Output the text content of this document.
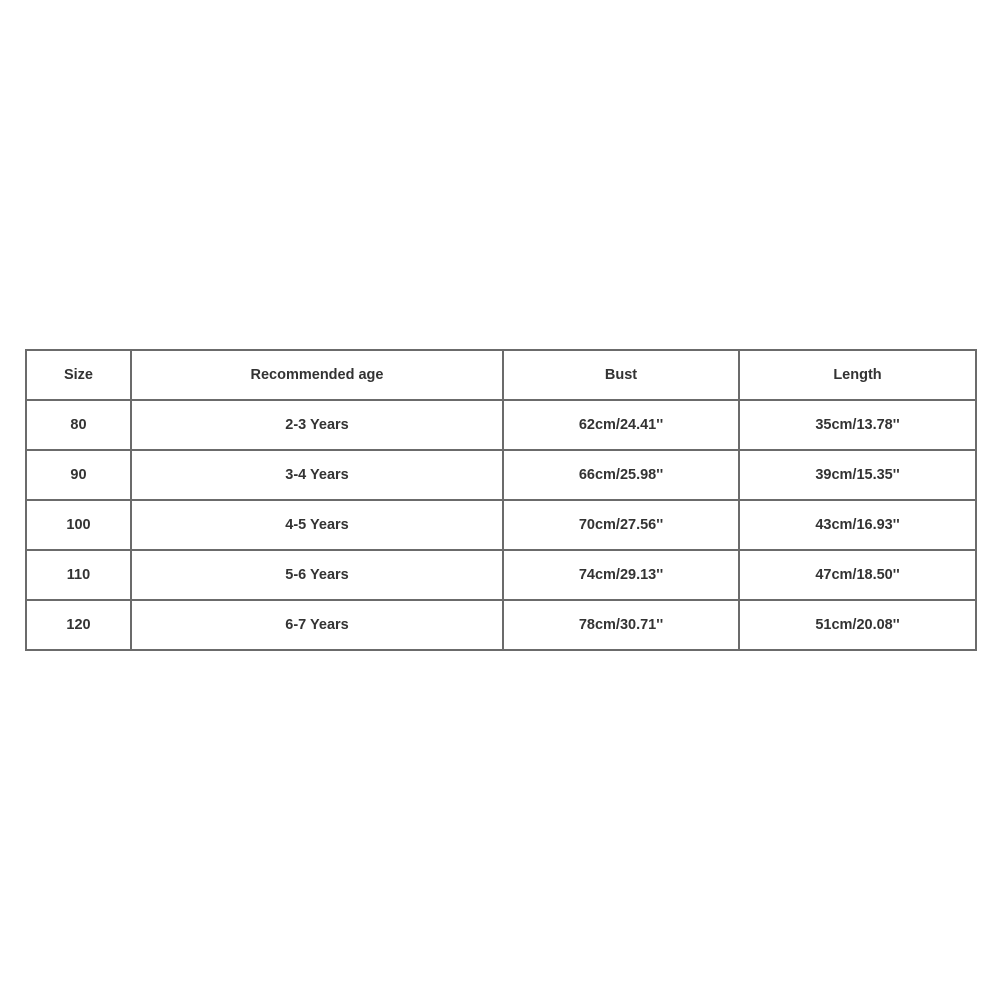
Size	Recommended age	Bust	Length
80	2-3 Years	62cm/24.41''	35cm/13.78''
90	3-4 Years	66cm/25.98''	39cm/15.35''
100	4-5 Years	70cm/27.56''	43cm/16.93''
110	5-6 Years	74cm/29.13''	47cm/18.50''
120	6-7 Years	78cm/30.71''	51cm/20.08''
